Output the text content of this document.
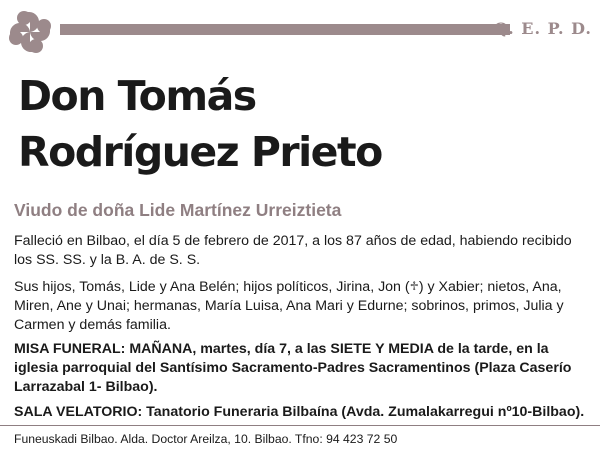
Q. E. P. D.
Don Tomás
Rodríguez Prieto
Viudo de doña Lide Martínez Urreiztieta
Falleció en Bilbao, el día 5 de febrero de 2017, a los 87 años de edad, habiendo recibido los SS. SS. y la B. A. de S. S.
Sus hijos, Tomás, Lide y Ana Belén; hijos políticos, Jirina, Jon (♱) y Xabier; nietos, Ana, Miren, Ane y Unai; hermanas, María Luisa, Ana Mari y Edurne; sobrinos, primos, Julia y Carmen y demás familia.
MISA FUNERAL: MAÑANA, martes, día 7, a las SIETE Y MEDIA de la tarde, en la iglesia parroquial del Santísimo Sacramento-Padres Sacramentinos (Plaza Caserío Larrazabal 1- Bilbao).
SALA VELATORIO: Tanatorio Funeraria Bilbaína (Avda. Zumalakarregui nº10-Bilbao).
Funeuskadi Bilbao. Alda. Doctor Areilza, 10. Bilbao. Tfno: 94 423 72 50
